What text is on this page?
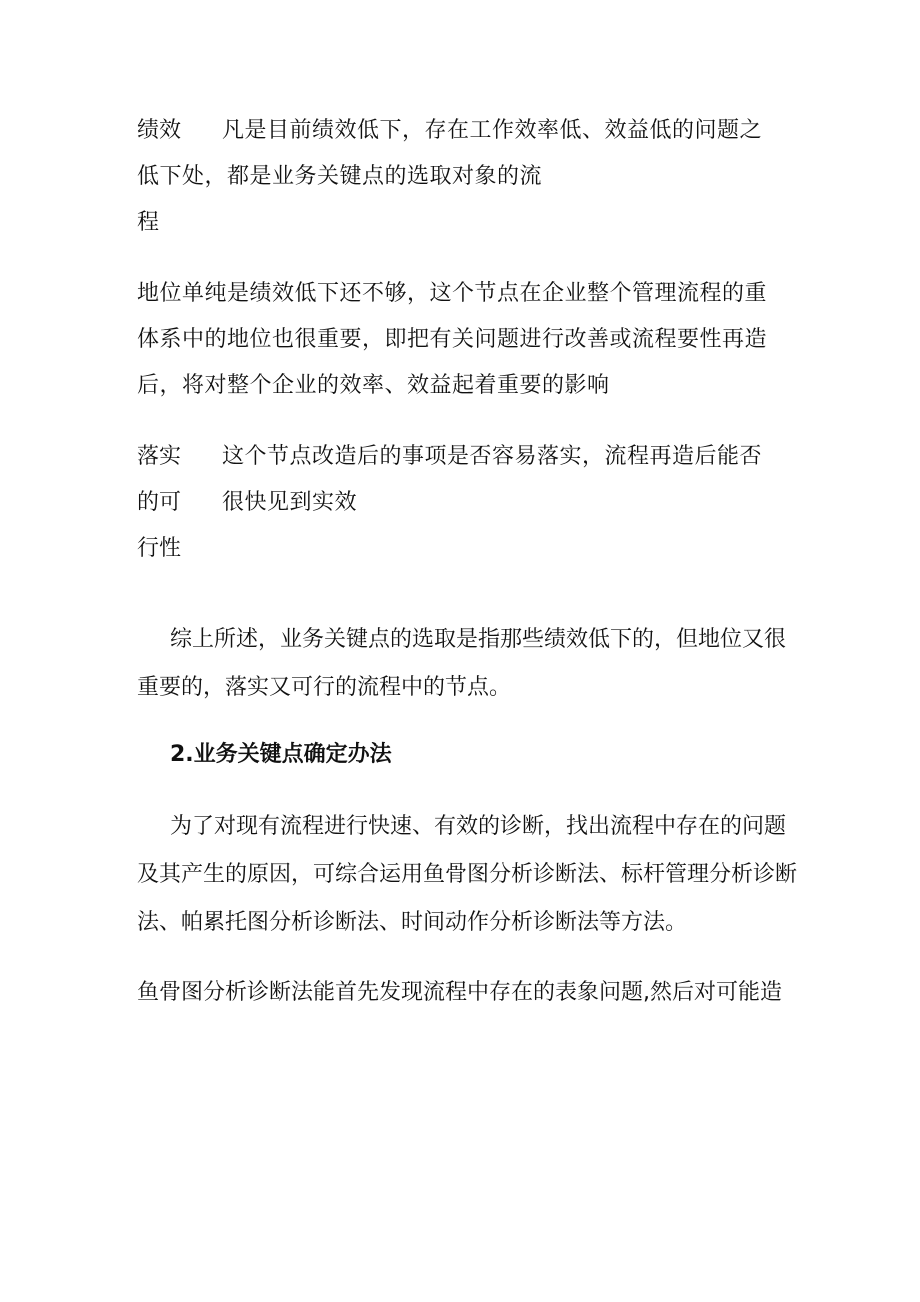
绩效	凡是目前绩效低下，存在工作效率低、效益低的问题之
低下处，都是业务关键点的选取对象的流
程
地位单纯是绩效低下还不够，这个节点在企业整个管理流程的重
体系中的地位也很重要，即把有关问题进行改善或流程要性再造
后，将对整个企业的效率、效益起着重要的影响
落实	这个节点改造后的事项是否容易落实，流程再造后能否
的可	很快见到实效
行性
综上所述，业务关键点的选取是指那些绩效低下的，但地位又很
重要的，落实又可行的流程中的节点。
2.业务关键点确定办法
为了对现有流程进行快速、有效的诊断，找出流程中存在的问题
及其产生的原因，可综合运用鱼骨图分析诊断法、标杆管理分析诊断
法、帕累托图分析诊断法、时间动作分析诊断法等方法。
鱼骨图分析诊断法能首先发现流程中存在的表象问题,然后对可能造
